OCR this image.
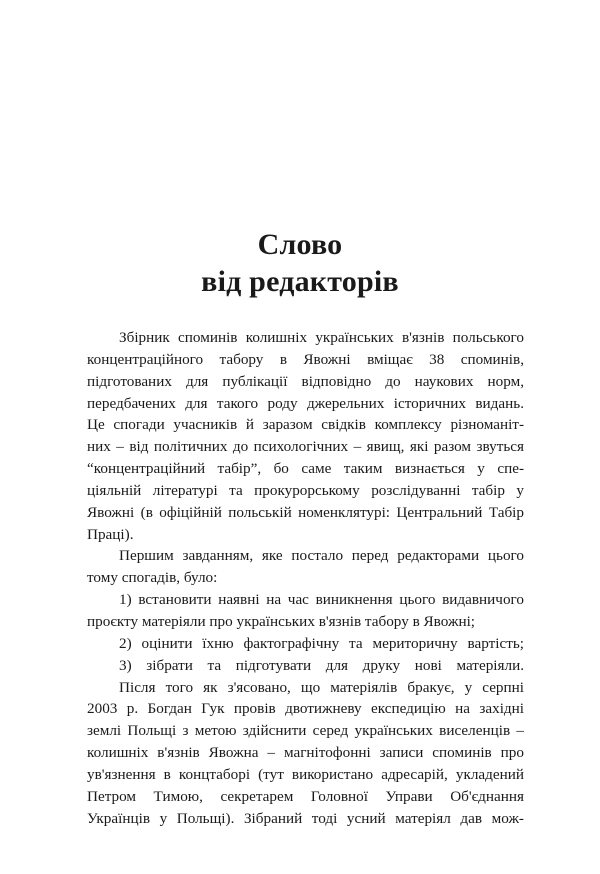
Слово
від редакторів
Збірник споминів колишніх українських в'язнів польського
концентраційного табору в Явожні вміщає 38 споминів,
підготованих для публікації відповідно до наукових норм,
передбачених для такого роду джерельних історичних видань.
Це спогади учасників й заразом свідків комплексу різноманіт-
них – від політичних до психологічних – явищ, які разом звуться
“концентраційний табір”, бо саме таким визнається у спе-
ціяльній літературі та прокурорському розслідуванні табір у
Явожні (в офіційній польській номенклятурі: Центральний Табір
Праці).
Першим завданням, яке постало перед редакторами цього
тому спогадів, було:
1) встановити наявні на час виникнення цього видавничого
проєкту матеріяли про українських в'язнів табору в Явожні;
2) оцінити їхню фактографічну та мериторичну вартість;
3) зібрати та підготувати для друку нові матеріяли.
Після того як з'ясовано, що матеріялів бракує, у серпні
2003 р. Богдан Гук провів двотижневу експедицію на західні
землі Польщі з метою здійснити серед українських виселенців –
колишніх в'язнів Явожна – магнітофонні записи споминів про
ув'язнення в концтаборі (тут використано адресарій, укладений
Петром Тимою, секретарем Головної Управи Об'єднання
Українців у Польщі). Зібраний тоді усний матеріял дав мож-
